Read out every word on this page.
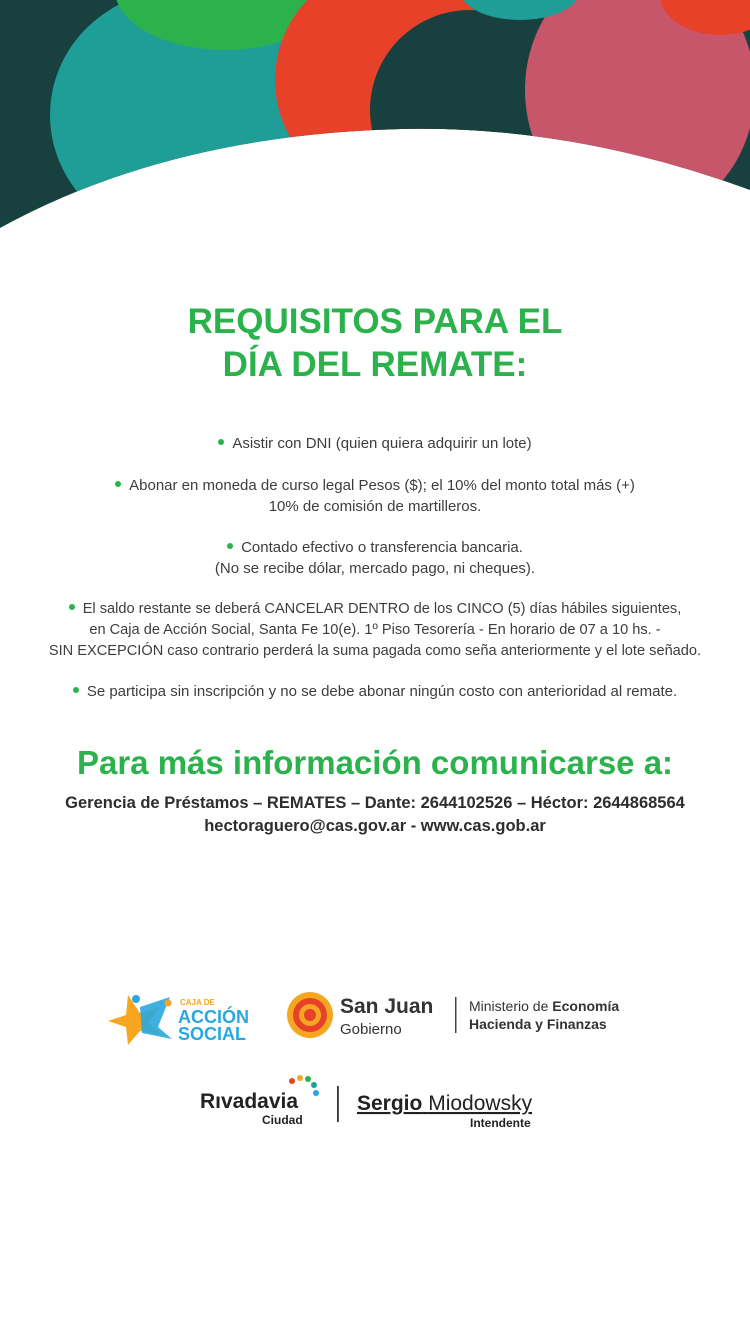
REQUISITOS PARA EL
DÍA DEL REMATE:
Asistir con DNI (quien quiera adquirir un lote)
Abonar en moneda de curso legal Pesos ($); el 10% del monto total más (+)
10% de comisión de martilleros.
Contado efectivo o transferencia bancaria.
(No se recibe dólar, mercado pago, ni cheques).
El saldo restante se deberá CANCELAR DENTRO de los CINCO (5) días hábiles siguientes,
en Caja de Acción Social, Santa Fe 10(e). 1º Piso Tesorería - En horario de 07 a 10 hs. -
SIN EXCEPCIÓN caso contrario perderá la suma pagada como seña anteriormente y el lote señado.
Se participa sin inscripción y no se debe abonar ningún costo con anterioridad al remate.
Para más información comunicarse a:
Gerencia de Préstamos – REMATES – Dante: 2644102526 – Héctor: 2644868564
hectoraguero@cas.gov.ar - www.cas.gob.ar
CAJA DE
ACCIÓN
SOCIAL
San Juan
Gobierno
Ministerio de Economía
Hacienda y Finanzas
Rıvadavia
Ciudad
Sergio Miodowsky
Intendente
